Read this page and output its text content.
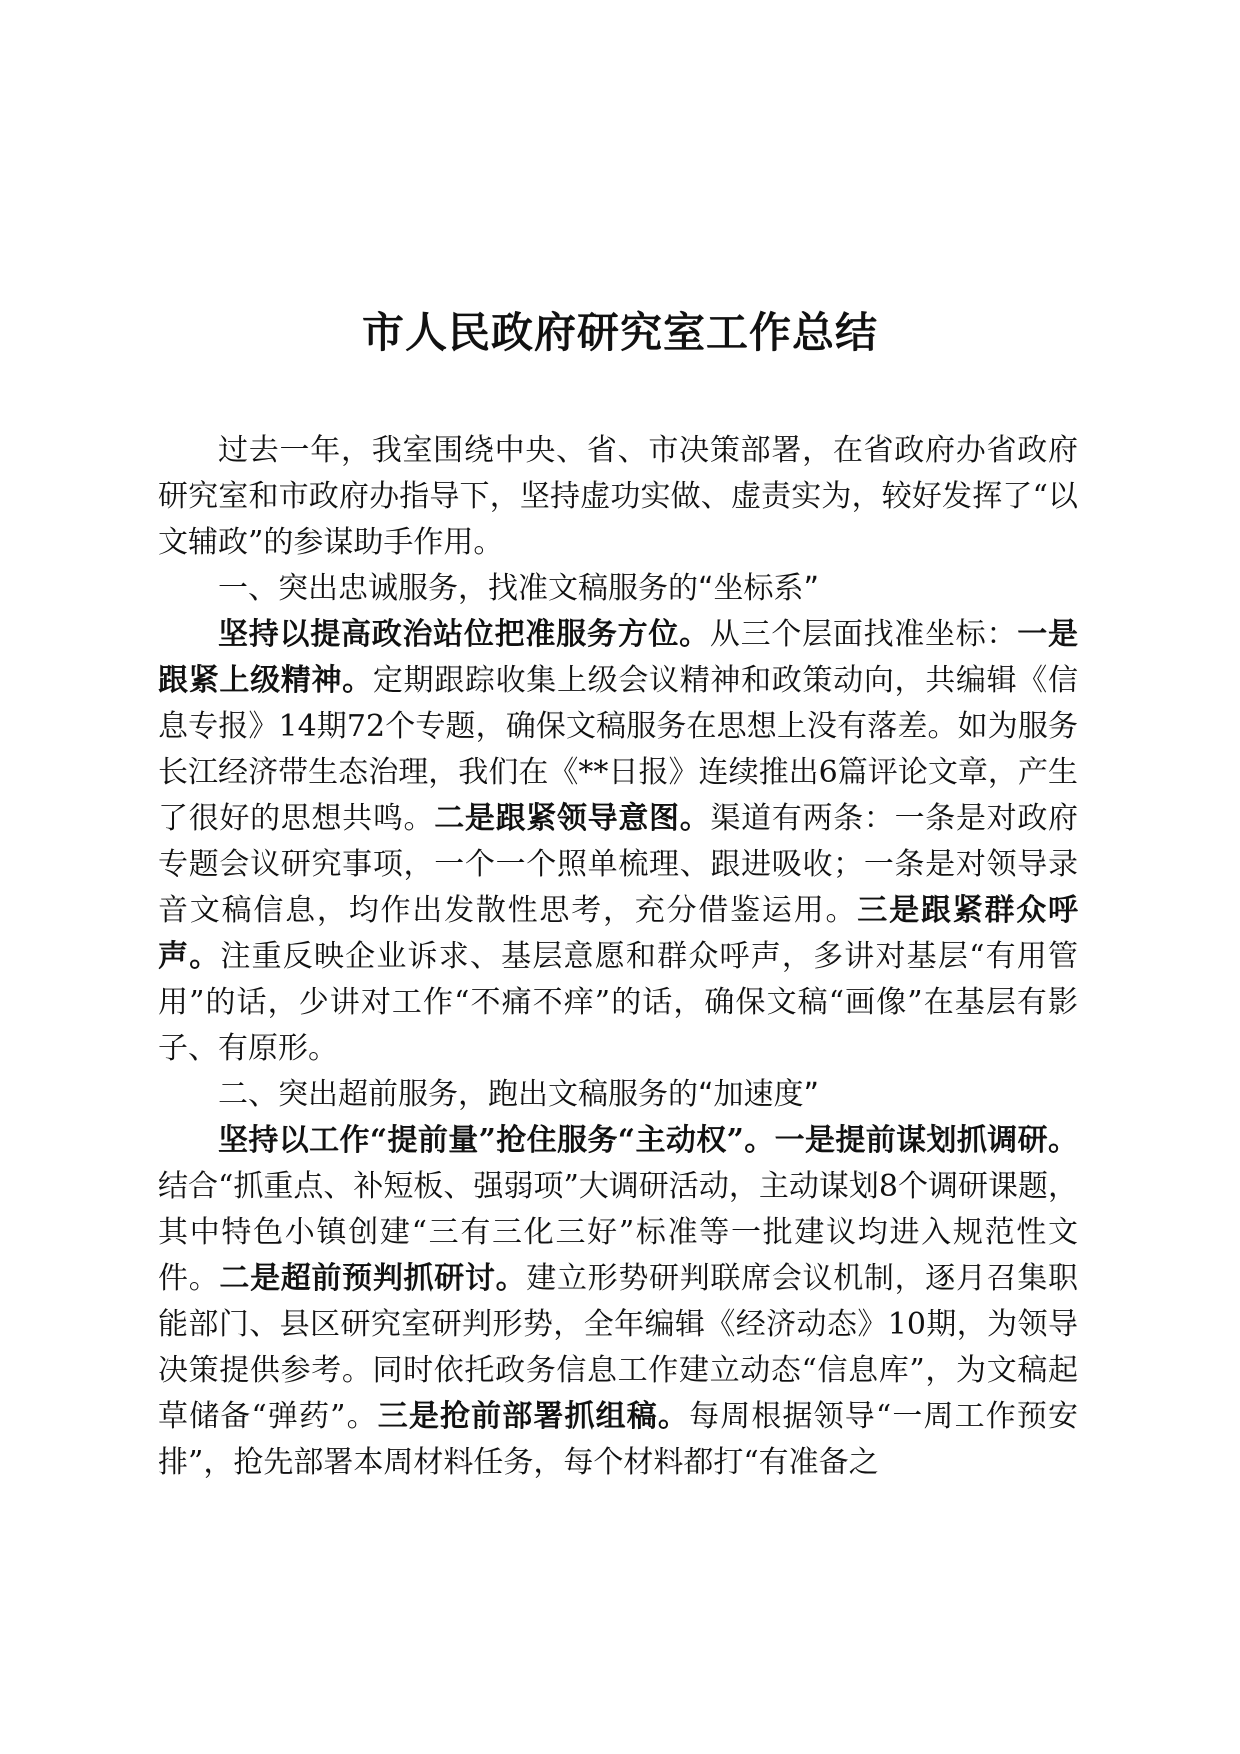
市人民政府研究室工作总结

过去一年，我室围绕中央、省、市决策部署，在省政府办省政府研究室和市政府办指导下，坚持虚功实做、虚责实为，较好发挥了“以文辅政”的参谋助手作用。

一、突出忠诚服务，找准文稿服务的“坐标系”

坚持以提高政治站位把准服务方位。从三个层面找准坐标：一是跟紧上级精神。定期跟踪收集上级会议精神和政策动向，共编辑《信息专报》14期72个专题，确保文稿服务在思想上没有落差。如为服务长江经济带生态治理，我们在《**日报》连续推出6篇评论文章，产生了很好的思想共鸣。二是跟紧领导意图。渠道有两条：一条是对政府专题会议研究事项，一个一个照单梳理、跟进吸收；一条是对领导录音文稿信息，均作出发散性思考，充分借鉴运用。三是跟紧群众呼声。注重反映企业诉求、基层意愿和群众呼声，多讲对基层“有用管用”的话，少讲对工作“不痛不痒”的话，确保文稿“画像”在基层有影子、有原形。

二、突出超前服务，跑出文稿服务的“加速度”

坚持以工作“提前量”抢住服务“主动权”。一是提前谋划抓调研。结合“抓重点、补短板、强弱项”大调研活动，主动谋划8个调研课题，其中特色小镇创建“三有三化三好”标准等一批建议均进入规范性文件。二是超前预判抓研讨。建立形势研判联席会议机制，逐月召集职能部门、县区研究室研判形势，全年编辑《经济动态》10期，为领导决策提供参考。同时依托政务信息工作建立动态“信息库”，为文稿起草储备“弹药”。三是抢前部署抓组稿。每周根据领导“一周工作预安排”，抢先部署本周材料任务，每个材料都打“有准备之
